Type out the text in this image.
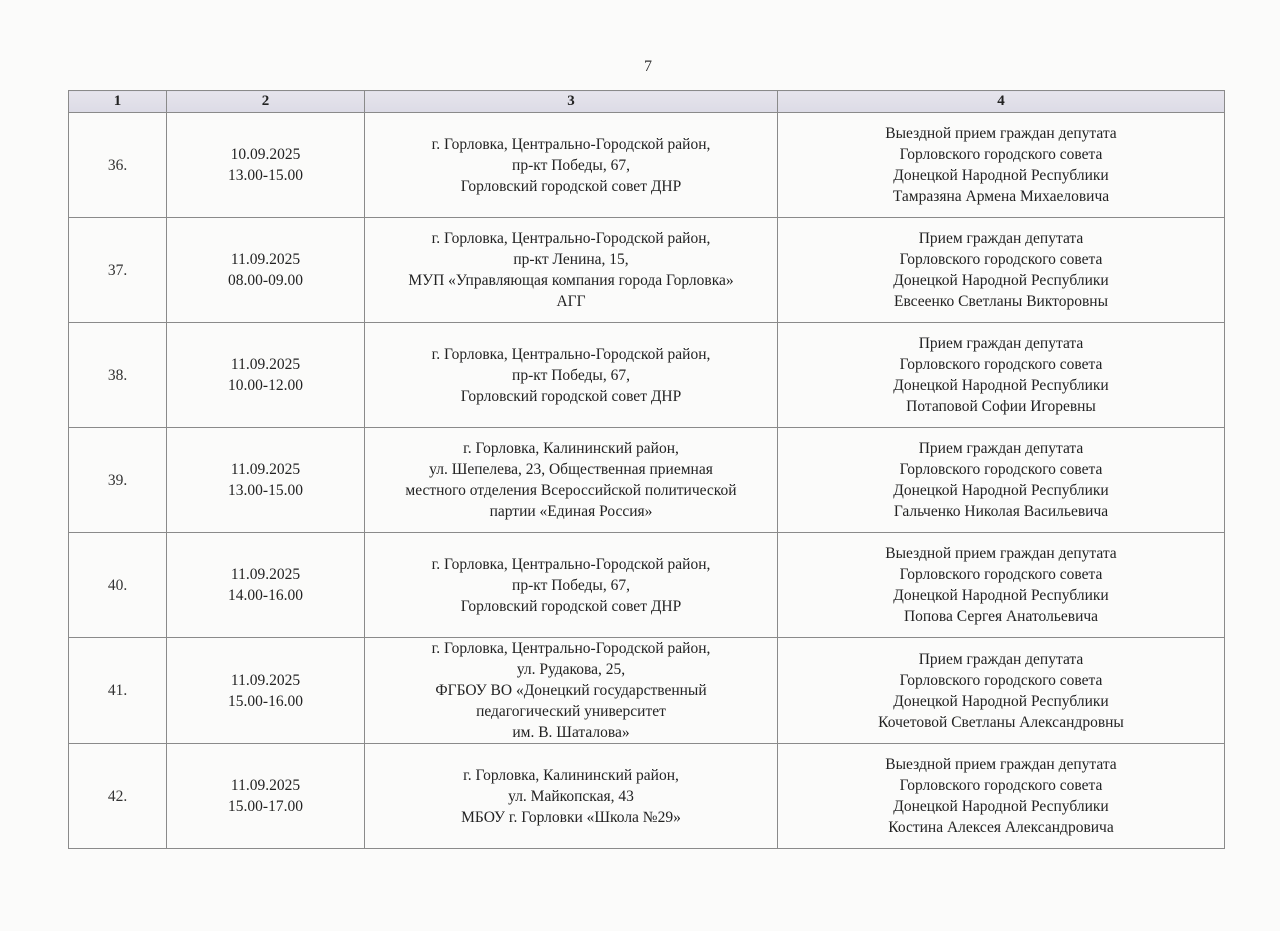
7
1	2	3	4

36.	10.09.2025
13.00-15.00	г. Горловка, Центрально-Городской район,
пр-кт Победы, 67,
Горловский городской совет ДНР	Выездной прием граждан депутата
Горловского городского совета
Донецкой Народной Республики
Тамразяна Армена Михаеловича

37.	11.09.2025
08.00-09.00	г. Горловка, Центрально-Городской район,
пр-кт Ленина, 15,
МУП «Управляющая компания города Горловка»
АГГ	Прием граждан депутата
Горловского городского совета
Донецкой Народной Республики
Евсеенко Светланы Викторовны

38.	11.09.2025
10.00-12.00	г. Горловка, Центрально-Городской район,
пр-кт Победы, 67,
Горловский городской совет ДНР	Прием граждан депутата
Горловского городского совета
Донецкой Народной Республики
Потаповой Софии Игоревны

39.	11.09.2025
13.00-15.00	г. Горловка, Калининский район,
ул. Шепелева, 23, Общественная приемная
местного отделения Всероссийской политической
партии «Единая Россия»	Прием граждан депутата
Горловского городского совета
Донецкой Народной Республики
Гальченко Николая Васильевича

40.	11.09.2025
14.00-16.00	г. Горловка, Центрально-Городской район,
пр-кт Победы, 67,
Горловский городской совет ДНР	Выездной прием граждан депутата
Горловского городского совета
Донецкой Народной Республики
Попова Сергея Анатольевича

41.	11.09.2025
15.00-16.00	г. Горловка, Центрально-Городской район,
ул. Рудакова, 25,
ФГБОУ ВО «Донецкий государственный
педагогический университет
им. В. Шаталова»	Прием граждан депутата
Горловского городского совета
Донецкой Народной Республики
Кочетовой Светланы Александровны

42.	11.09.2025
15.00-17.00	г. Горловка, Калининский район,
ул. Майкопская, 43
МБОУ г. Горловки «Школа №29»	Выездной прием граждан депутата
Горловского городского совета
Донецкой Народной Республики
Костина Алексея Александровича
